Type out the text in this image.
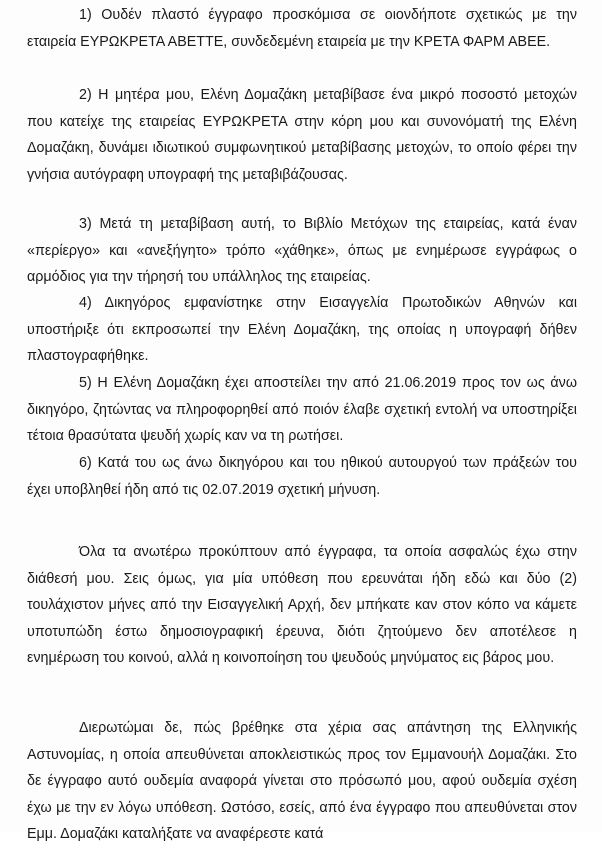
1) Ουδέν πλαστό έγγραφο προσκόμισα σε οιονδήποτε σχετικώς με την εταιρεία ΕΥΡΩΚΡΕΤΑ ΑΒΕΤΤΕ, συνδεδεμένη εταιρεία με την ΚΡΕΤΑ ΦΑΡΜ ΑΒΕΕ.

2) Η μητέρα μου, Ελένη Δομαζάκη μεταβίβασε ένα μικρό ποσοστό μετοχών που κατείχε της εταιρείας ΕΥΡΩΚΡΕΤΑ στην κόρη μου και συνονόματή της Ελένη Δομαζάκη, δυνάμει ιδιωτικού συμφωνητικού μεταβίβασης μετοχών, το οποίο φέρει την γνήσια αυτόγραφη υπογραφή της μεταβιβάζουσας.

3) Μετά τη μεταβίβαση αυτή, το Βιβλίο Μετόχων της εταιρείας, κατά έναν «περίεργο» και «ανεξήγητο» τρόπο «χάθηκε», όπως με ενημέρωσε εγγράφως ο αρμόδιος για την τήρησή του υπάλληλος της εταιρείας.

4) Δικηγόρος εμφανίστηκε στην Εισαγγελία Πρωτοδικών Αθηνών και υποστήριξε ότι εκπροσωπεί την Ελένη Δομαζάκη, της οποίας η υπογραφή δήθεν πλαστογραφήθηκε.

5) Η Ελένη Δομαζάκη έχει αποστείλει την από 21.06.2019 προς τον ως άνω δικηγόρο, ζητώντας να πληροφορηθεί από ποιόν έλαβε σχετική εντολή να υποστηρίξει τέτοια θρασύτατα ψευδή χωρίς καν να τη ρωτήσει.

6) Κατά του ως άνω δικηγόρου και του ηθικού αυτουργού των πράξεών του έχει υποβληθεί ήδη από τις 02.07.2019 σχετική μήνυση.

Όλα τα ανωτέρω προκύπτουν από έγγραφα, τα οποία ασφαλώς έχω στην διάθεσή μου. Σεις όμως, για μία υπόθεση που ερευνάται ήδη εδώ και δύο (2) τουλάχιστον μήνες από την Εισαγγελική Αρχή, δεν μπήκατε καν στον κόπο να κάμετε υποτυπώδη έστω δημοσιογραφική έρευνα, διότι ζητούμενο δεν αποτέλεσε η ενημέρωση του κοινού, αλλά η κοινοποίηση του ψευδούς μηνύματος εις βάρος μου.

Διερωτώμαι δε, πώς βρέθηκε στα χέρια σας απάντηση της Ελληνικής Αστυνομίας, η οποία απευθύνεται αποκλειστικώς προς τον Εμμανουήλ Δομαζάκι. Στο δε έγγραφο αυτό ουδεμία αναφορά γίνεται στο πρόσωπό μου, αφού ουδεμία σχέση έχω με την εν λόγω υπόθεση. Ωστόσο, εσείς, από ένα έγγραφο που απευθύνεται στον Εμμ. Δομαζάκι καταλήξατε να αναφέρεστε κατά
